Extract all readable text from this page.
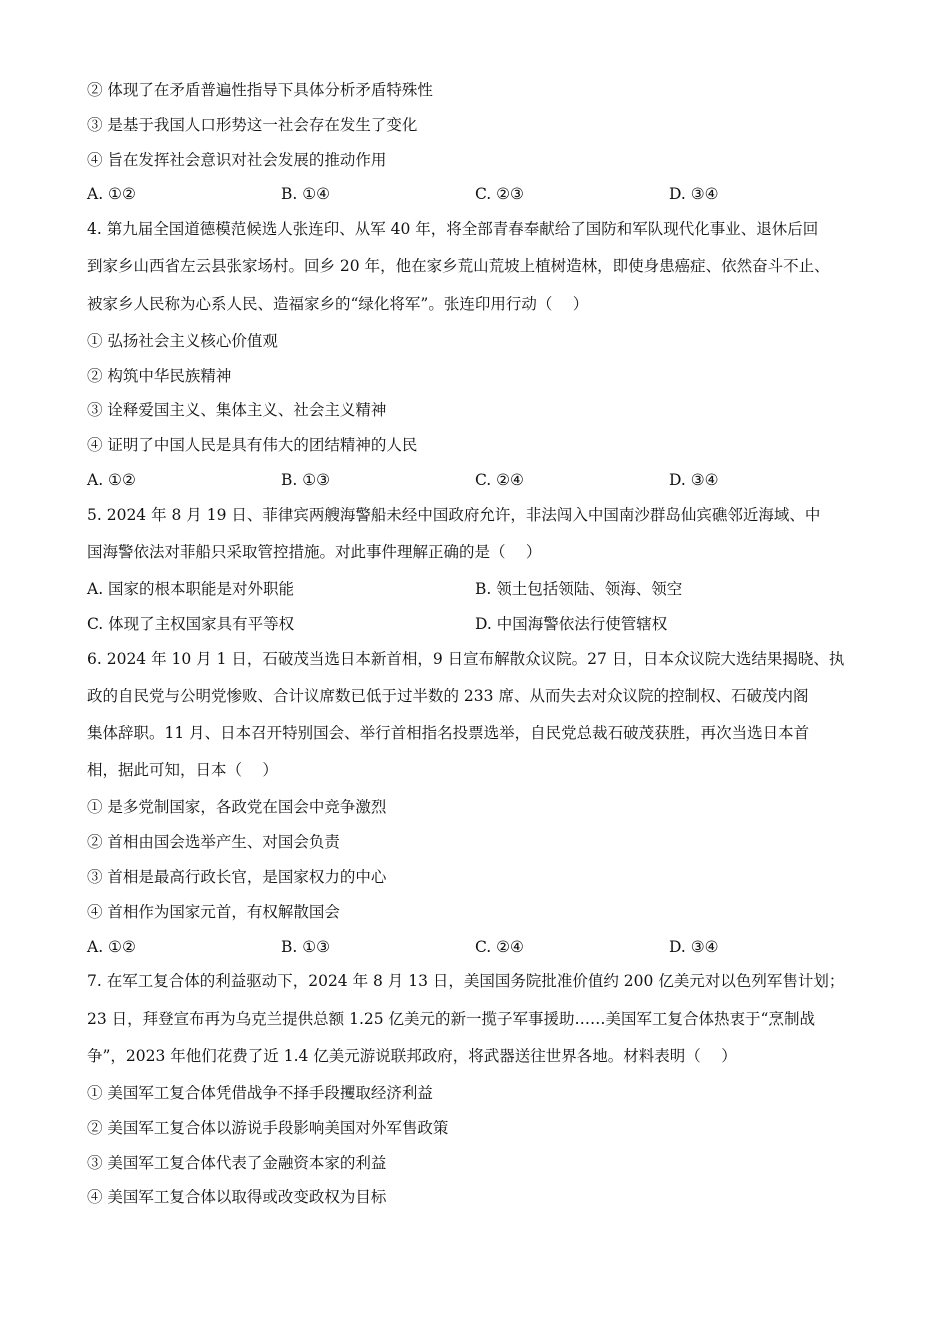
② 体现了在矛盾普遍性指导下具体分析矛盾特殊性
③ 是基于我国人口形势这一社会存在发生了变化
④ 旨在发挥社会意识对社会发展的推动作用
A. ①②	B. ①④	C. ②③	D. ③④
4. 第九届全国道德模范候选人张连印、从军 40 年，将全部青春奉献给了国防和军队现代化事业、退休后回
到家乡山西省左云县张家场村。回乡 20 年，他在家乡荒山荒坡上植树造林，即使身患癌症、依然奋斗不止、
被家乡人民称为心系人民、造福家乡的“绿化将军”。张连印用行动（　 ）
① 弘扬社会主义核心价值观
② 构筑中华民族精神
③ 诠释爱国主义、集体主义、社会主义精神
④ 证明了中国人民是具有伟大的团结精神的人民
A. ①②	B. ①③	C. ②④	D. ③④
5. 2024 年 8 月 19 日、菲律宾两艘海警船未经中国政府允许，非法闯入中国南沙群岛仙宾礁邻近海域、中
国海警依法对菲船只采取管控措施。对此事件理解正确的是（　 ）
A. 国家的根本职能是对外职能	B. 领土包括领陆、领海、领空
C. 体现了主权国家具有平等权	D. 中国海警依法行使管辖权
6. 2024 年 10 月 1 日，石破茂当选日本新首相，9 日宣布解散众议院。27 日，日本众议院大选结果揭晓、执
政的自民党与公明党惨败、合计议席数已低于过半数的 233 席、从而失去对众议院的控制权、石破茂内阁
集体辞职。11 月、日本召开特别国会、举行首相指名投票选举，自民党总裁石破茂获胜，再次当选日本首
相，据此可知，日本（　 ）
① 是多党制国家，各政党在国会中竞争激烈
② 首相由国会选举产生、对国会负责
③ 首相是最高行政长官，是国家权力的中心
④ 首相作为国家元首，有权解散国会
A. ①②	B. ①③	C. ②④	D. ③④
7. 在军工复合体的利益驱动下，2024 年 8 月 13 日，美国国务院批准价值约 200 亿美元对以色列军售计划；
23 日，拜登宣布再为乌克兰提供总额 1.25 亿美元的新一揽子军事援助……美国军工复合体热衷于“烹制战
争”，2023 年他们花费了近 1.4 亿美元游说联邦政府，将武器送往世界各地。材料表明（　 ）
① 美国军工复合体凭借战争不择手段攫取经济利益
② 美国军工复合体以游说手段影响美国对外军售政策
③ 美国军工复合体代表了金融资本家的利益
④ 美国军工复合体以取得或改变政权为目标
